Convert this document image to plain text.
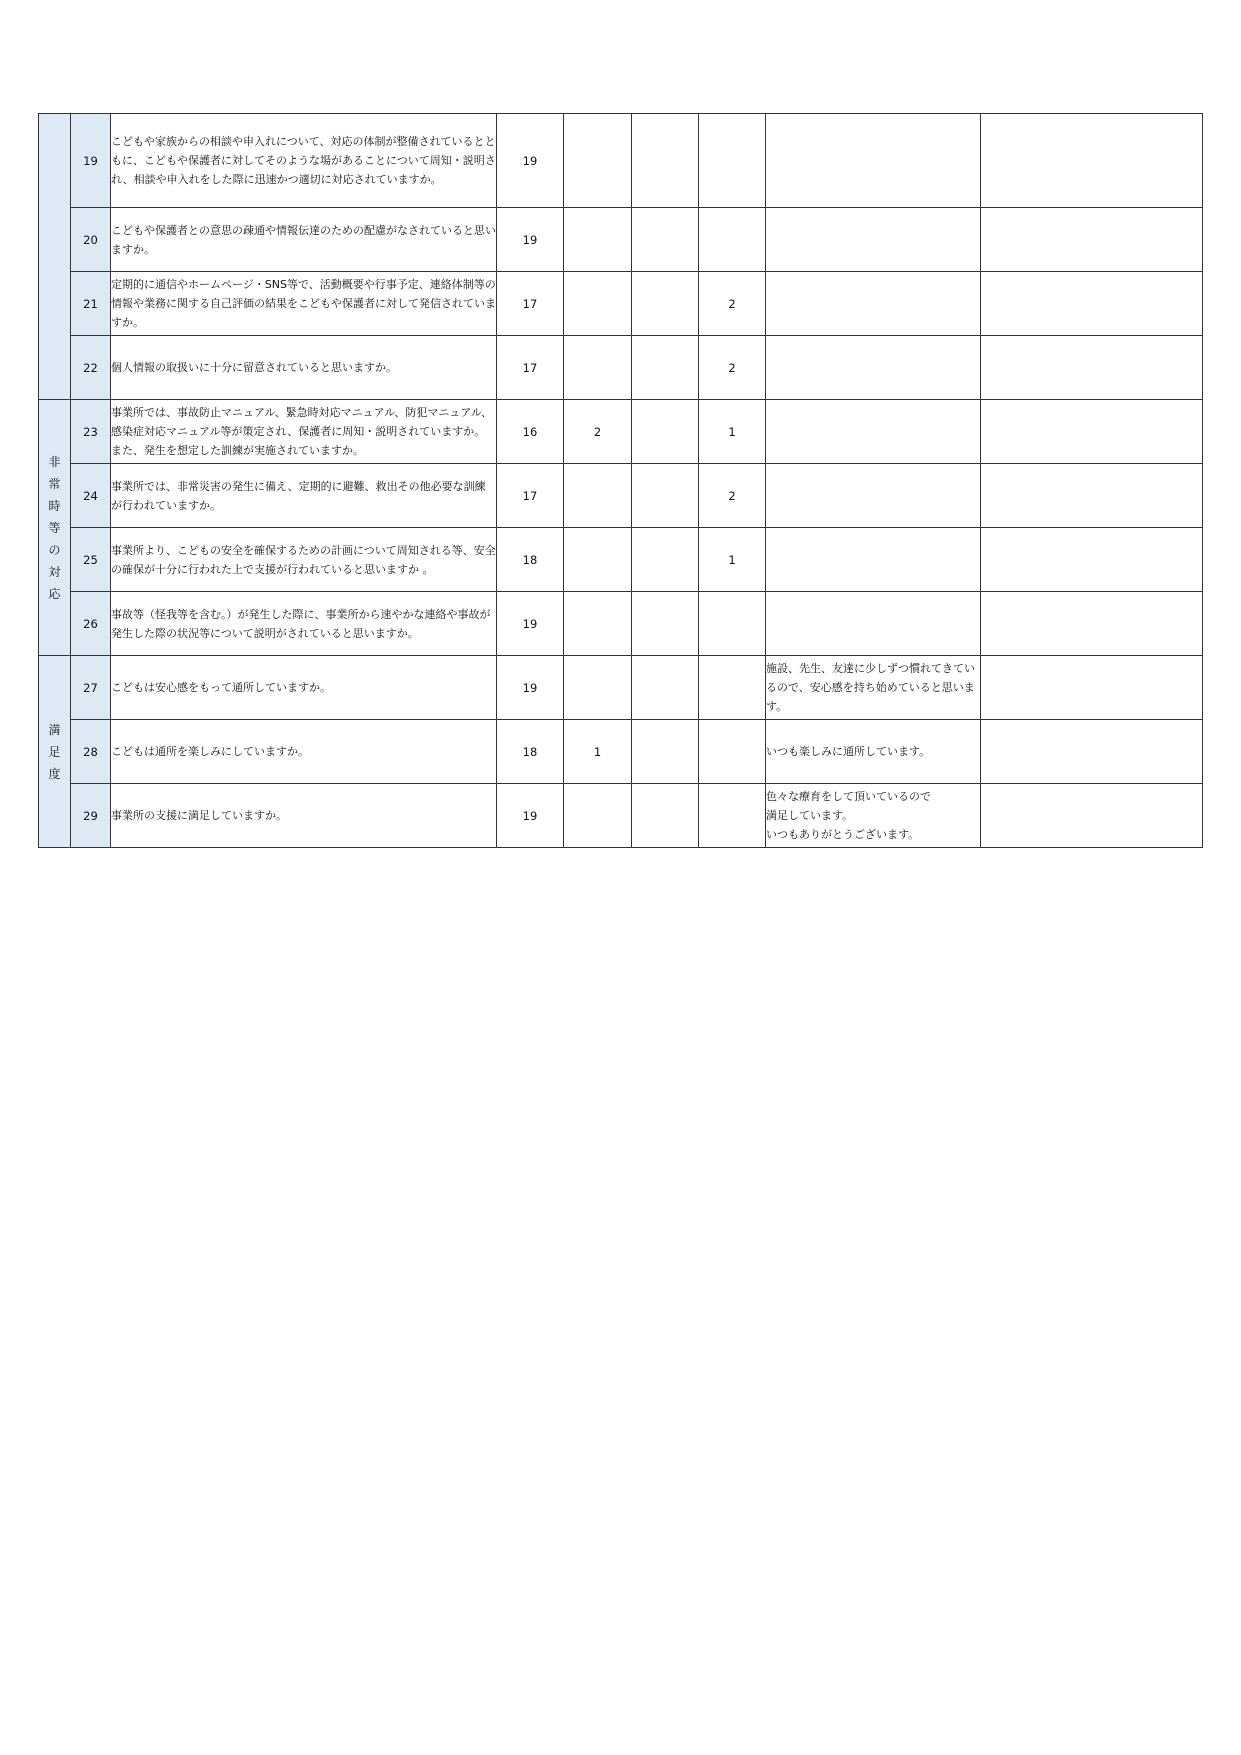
	19	こどもや家族からの相談や申入れについて、対応の体制が整備されているとともに、こどもや保護者に対してそのような場があることについて周知・説明され、相談や申入れをした際に迅速かつ適切に対応されていますか。	19					
	20	こどもや保護者との意思の疎通や情報伝達のための配慮がなされていると思いますか。	19					
	21	定期的に通信やホームページ・SNS等で、活動概要や行事予定、連絡体制等の情報や業務に関する自己評価の結果をこどもや保護者に対して発信されていますか。	17			2		
	22	個人情報の取扱いに十分に留意されていると思いますか。	17			2		
非常時等の対応	23	事業所では、事故防止マニュアル、緊急時対応マニュアル、防犯マニュアル、感染症対応マニュアル等が策定され、保護者に周知・説明されていますか。また、発生を想定した訓練が実施されていますか。	16	2		1		
	24	事業所では、非常災害の発生に備え、定期的に避難、救出その他必要な訓練が行われていますか。	17			2		
	25	事業所より、こどもの安全を確保するための計画について周知される等、安全の確保が十分に行われた上で支援が行われていると思いますか 。	18			1		
	26	事故等（怪我等を含む。）が発生した際に、事業所から速やかな連絡や事故が発生した際の状況等について説明がされていると思いますか。	19					
満足度	27	こどもは安心感をもって通所していますか。	19				施設、先生、友達に少しずつ慣れてきているので、安心感を持ち始めていると思います。	
	28	こどもは通所を楽しみにしていますか。	18	1			いつも楽しみに通所しています。	
	29	事業所の支援に満足していますか。	19				色々な療育をして頂いているので
満足しています。
いつもありがとうございます。	
